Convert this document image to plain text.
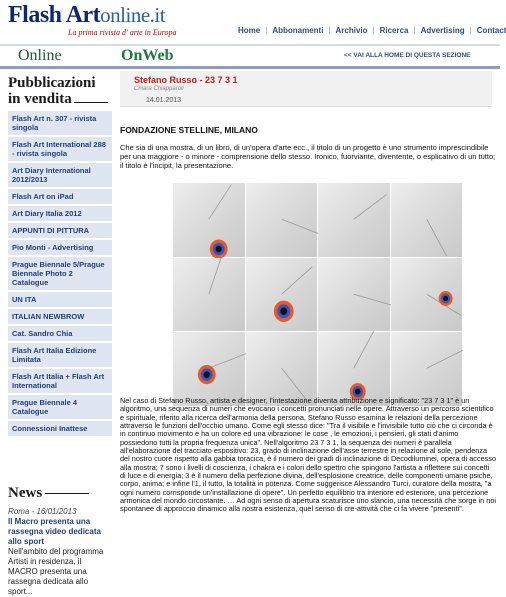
Flash Artonline.it
La prima rivista d' arte in Europa	Home | Abbonamenti | Archivio | Ricerca | Advertising | Contact
Online	OnWeb	<< VAI ALLA HOME DI QUESTA SEZIONE
Pubblicazioni in vendita
Flash Art n. 307 - rivista singola
Flash Art International 288 - rivista singola
Art Diary International 2012/2013
Flash Art on iPad
Art Diary Italia 2012
APPUNTI DI PITTURA
Pio Monti - Advertising
Prague Biennale 5/Prague Biennale Photo 2 Catalogue
UN ITA
ITALIAN NEWBROW
Cat. Sandro Chia
Flash Art Italia Edizione Limitata
Flash Art Italia + Flash Art International
Prague Biennale 4 Catalogue
Connessioni Inattese
News
Roma - 16/01/2013
Il Macro presenta una rassegna video dedicata allo sport
Nell'ambito del programma Artisti in residenza, il MACRO presenta una rassegna dedicata allo sport...
Stefano Russo - 23 7 3 1
Chiara Chiapparoli
14.01.2013
FONDAZIONE STELLINE, MILANO
Che sia di una mostra, di un libro, di un'opera d'arte ecc., il titolo di un progetto è uno strumento imprescindibile per una maggiore - o minore - comprensione dello stesso. Ironico, fuorviante, diventente, o esplicativo di un tutto; il titolo è l'incipit, la presentazione.
Nel caso di Stefano Russo, artista e designer, l'intestazione diventa attribuzione e significato: "23 7 3 1" è un algoritmo, una sequenza di numeri che evocano i concetti pronunciati nelle opere. Attraverso un percorso scientifico e spirituale, riferito alla ricerca dell'armonia della persona, Stefano Russo esamina le relazioni della percezione attraverso le funzioni dell'occhio umano. Come egli stesso dice: "Tra il visibile e l'invisibile tutto ciò che ci circonda è in continuo movimento e ha un colore ed una vibrazione: le cose , le emozioni, i pensieri, gli stati d'animo possiedono tutti la propria frequenza unica". Nell'algoritmo 23 7 3 1, la sequenza dei numeri è parallela all'elaborazione del tracciato espositivo: 23, grado di inclinazione dell'asse terrestre in relazione al sole, pendenza del nostro cuore rispetto alla gabbia toracica, è il numero dei gradi di inclinazione di Decodiluminei, opera di accesso alla mostra; 7 sono i livelli di coscienza, i chakra e i colori dello spettro che spingono l'artista a riflettere sui concetti di luce e di energia; 3 è il numero della perfezione divina, dell'esplosione creatrice, delle componenti umane psiche, corpo, anima; e infine l'1, il tutto, la totalità in potenza. Come suggerisce Alessandro Turci, curatore della mostra, "a ogni numero corrisponde un'installazione di opere". Un perfetto equilibrio tra interiore ed esteriore, una percezione armonica del mondo circostante. … Ad ogni senso di apertura scaturisce uno slancio, una necessità che sorge in noi spontanee di approccio dinamico alla nostra esistenza, quel senso di cre-attività che ci fa vivere "presenti".
